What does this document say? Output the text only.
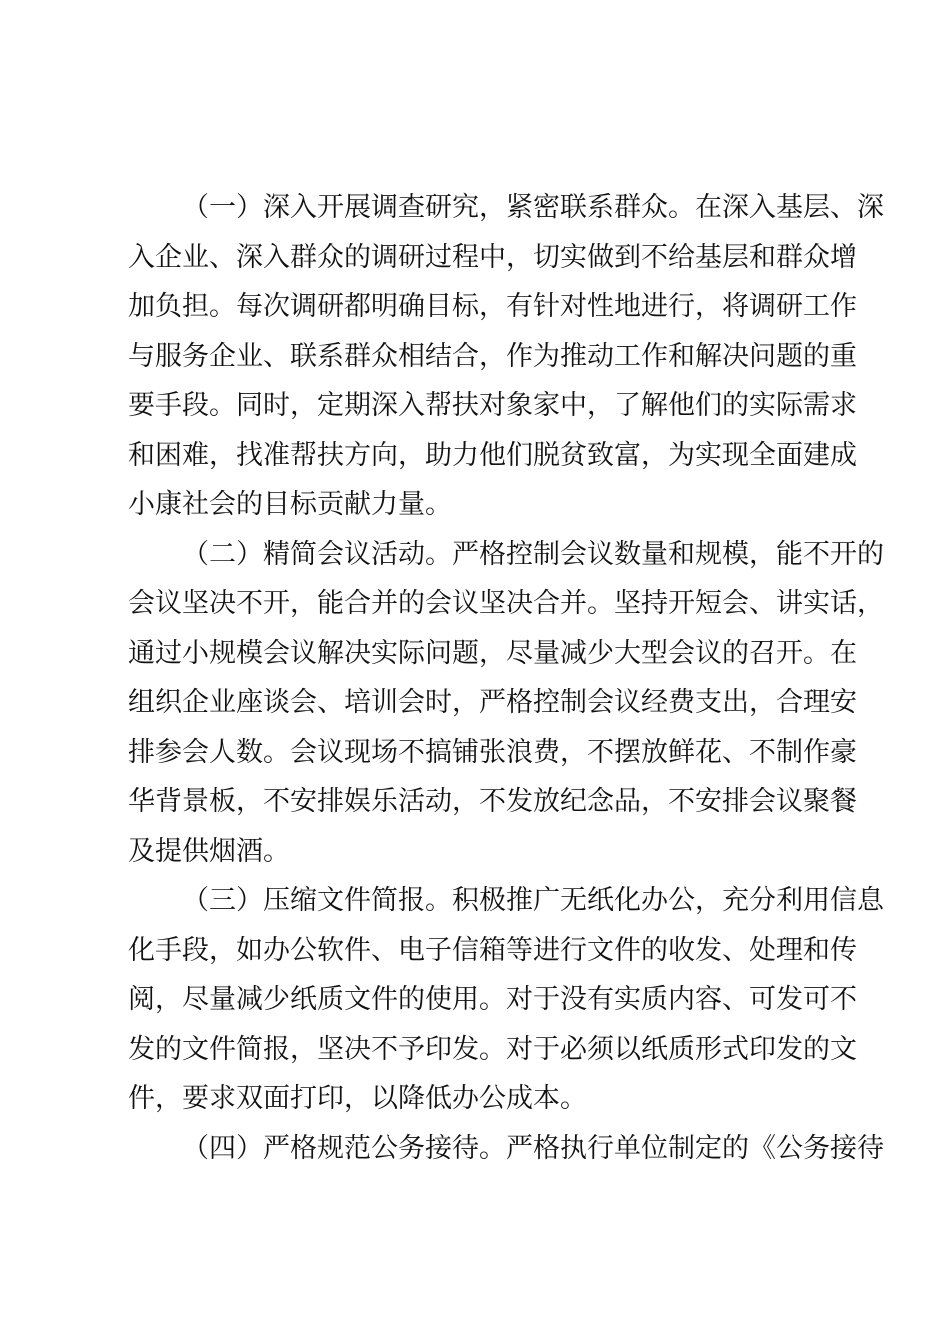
（一）深入开展调查研究，紧密联系群众。在深入基层、深
入企业、深入群众的调研过程中，切实做到不给基层和群众增
加负担。每次调研都明确目标，有针对性地进行，将调研工作
与服务企业、联系群众相结合，作为推动工作和解决问题的重
要手段。同时，定期深入帮扶对象家中，了解他们的实际需求
和困难，找准帮扶方向，助力他们脱贫致富，为实现全面建成
小康社会的目标贡献力量。
（二）精简会议活动。严格控制会议数量和规模，能不开的
会议坚决不开，能合并的会议坚决合并。坚持开短会、讲实话，
通过小规模会议解决实际问题，尽量减少大型会议的召开。在
组织企业座谈会、培训会时，严格控制会议经费支出，合理安
排参会人数。会议现场不搞铺张浪费，不摆放鲜花、不制作豪
华背景板，不安排娱乐活动，不发放纪念品，不安排会议聚餐
及提供烟酒。
（三）压缩文件简报。积极推广无纸化办公，充分利用信息
化手段，如办公软件、电子信箱等进行文件的收发、处理和传
阅，尽量减少纸质文件的使用。对于没有实质内容、可发可不
发的文件简报，坚决不予印发。对于必须以纸质形式印发的文
件，要求双面打印，以降低办公成本。
（四）严格规范公务接待。严格执行单位制定的《公务接待
